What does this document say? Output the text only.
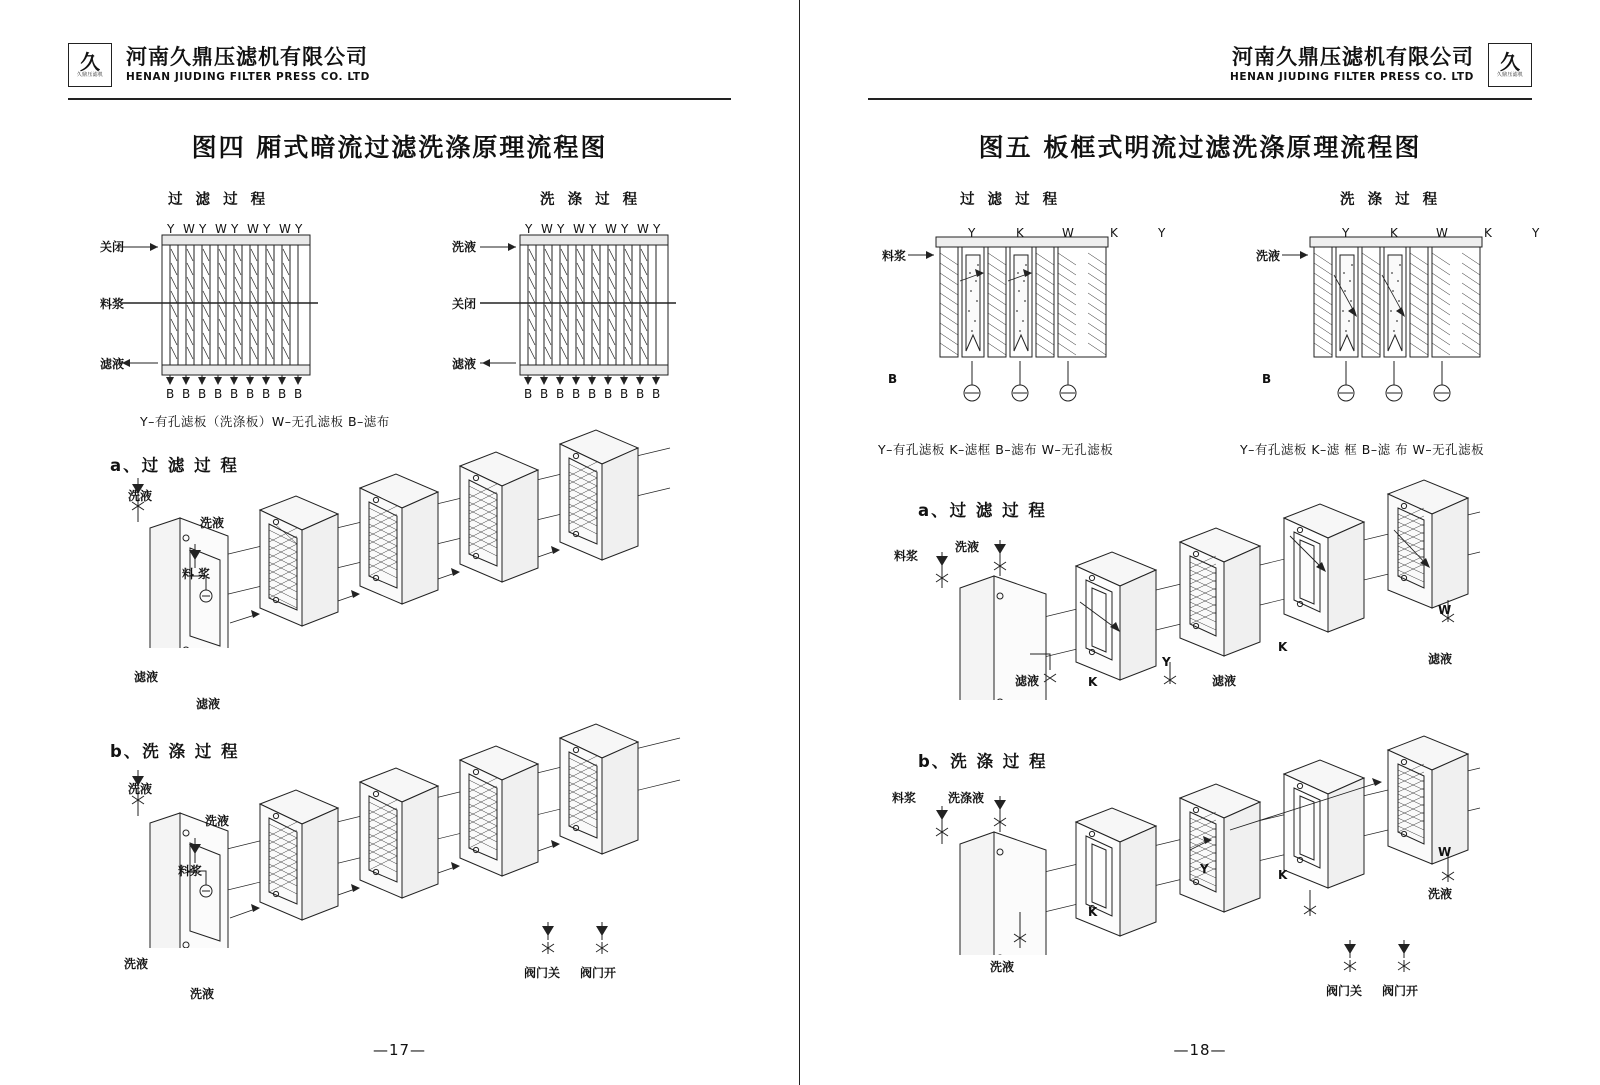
久
久鼎压滤机
河南久鼎压滤机有限公司
HENAN JIUDING FILTER PRESS CO. LTD
图四 厢式暗流过滤洗涤原理流程图
过 滤 过 程	洗 涤 过 程
Y W Y W Y W Y W Y
B B B B B B B B B
Y W Y W Y W Y W Y
B B B B B B B B B
关闭
料浆
滤液
洗液
关闭
滤液
Y–有孔滤板（洗涤板）W–无孔滤板 B–滤布
a、过 滤 过 程
洗液
洗液
料 浆
滤液
滤液
b、洗 涤 过 程
洗液
洗液
料浆
洗液
洗液
阀门关 阀门开
—17—
河南久鼎压滤机有限公司
HENAN JIUDING FILTER PRESS CO. LTD
久
久鼎压滤机
图五 板框式明流过滤洗涤原理流程图
过 滤 过 程	洗 涤 过 程
Y	K	W	K	Y	Y	K	W	K	Y
料浆
B
洗液
B
Y–有孔滤板 K–滤框 B–滤布 W–无孔滤板	Y–有孔滤板 K–滤 框 B–滤 布 W–无孔滤板
a、过 滤 过 程
料浆
洗液
滤液	K
Y
滤液
K
W
滤液
b、洗 涤 过 程
料浆	洗涤液
洗液
K
Y	K
W
洗液
阀门关 阀门开
—18—
